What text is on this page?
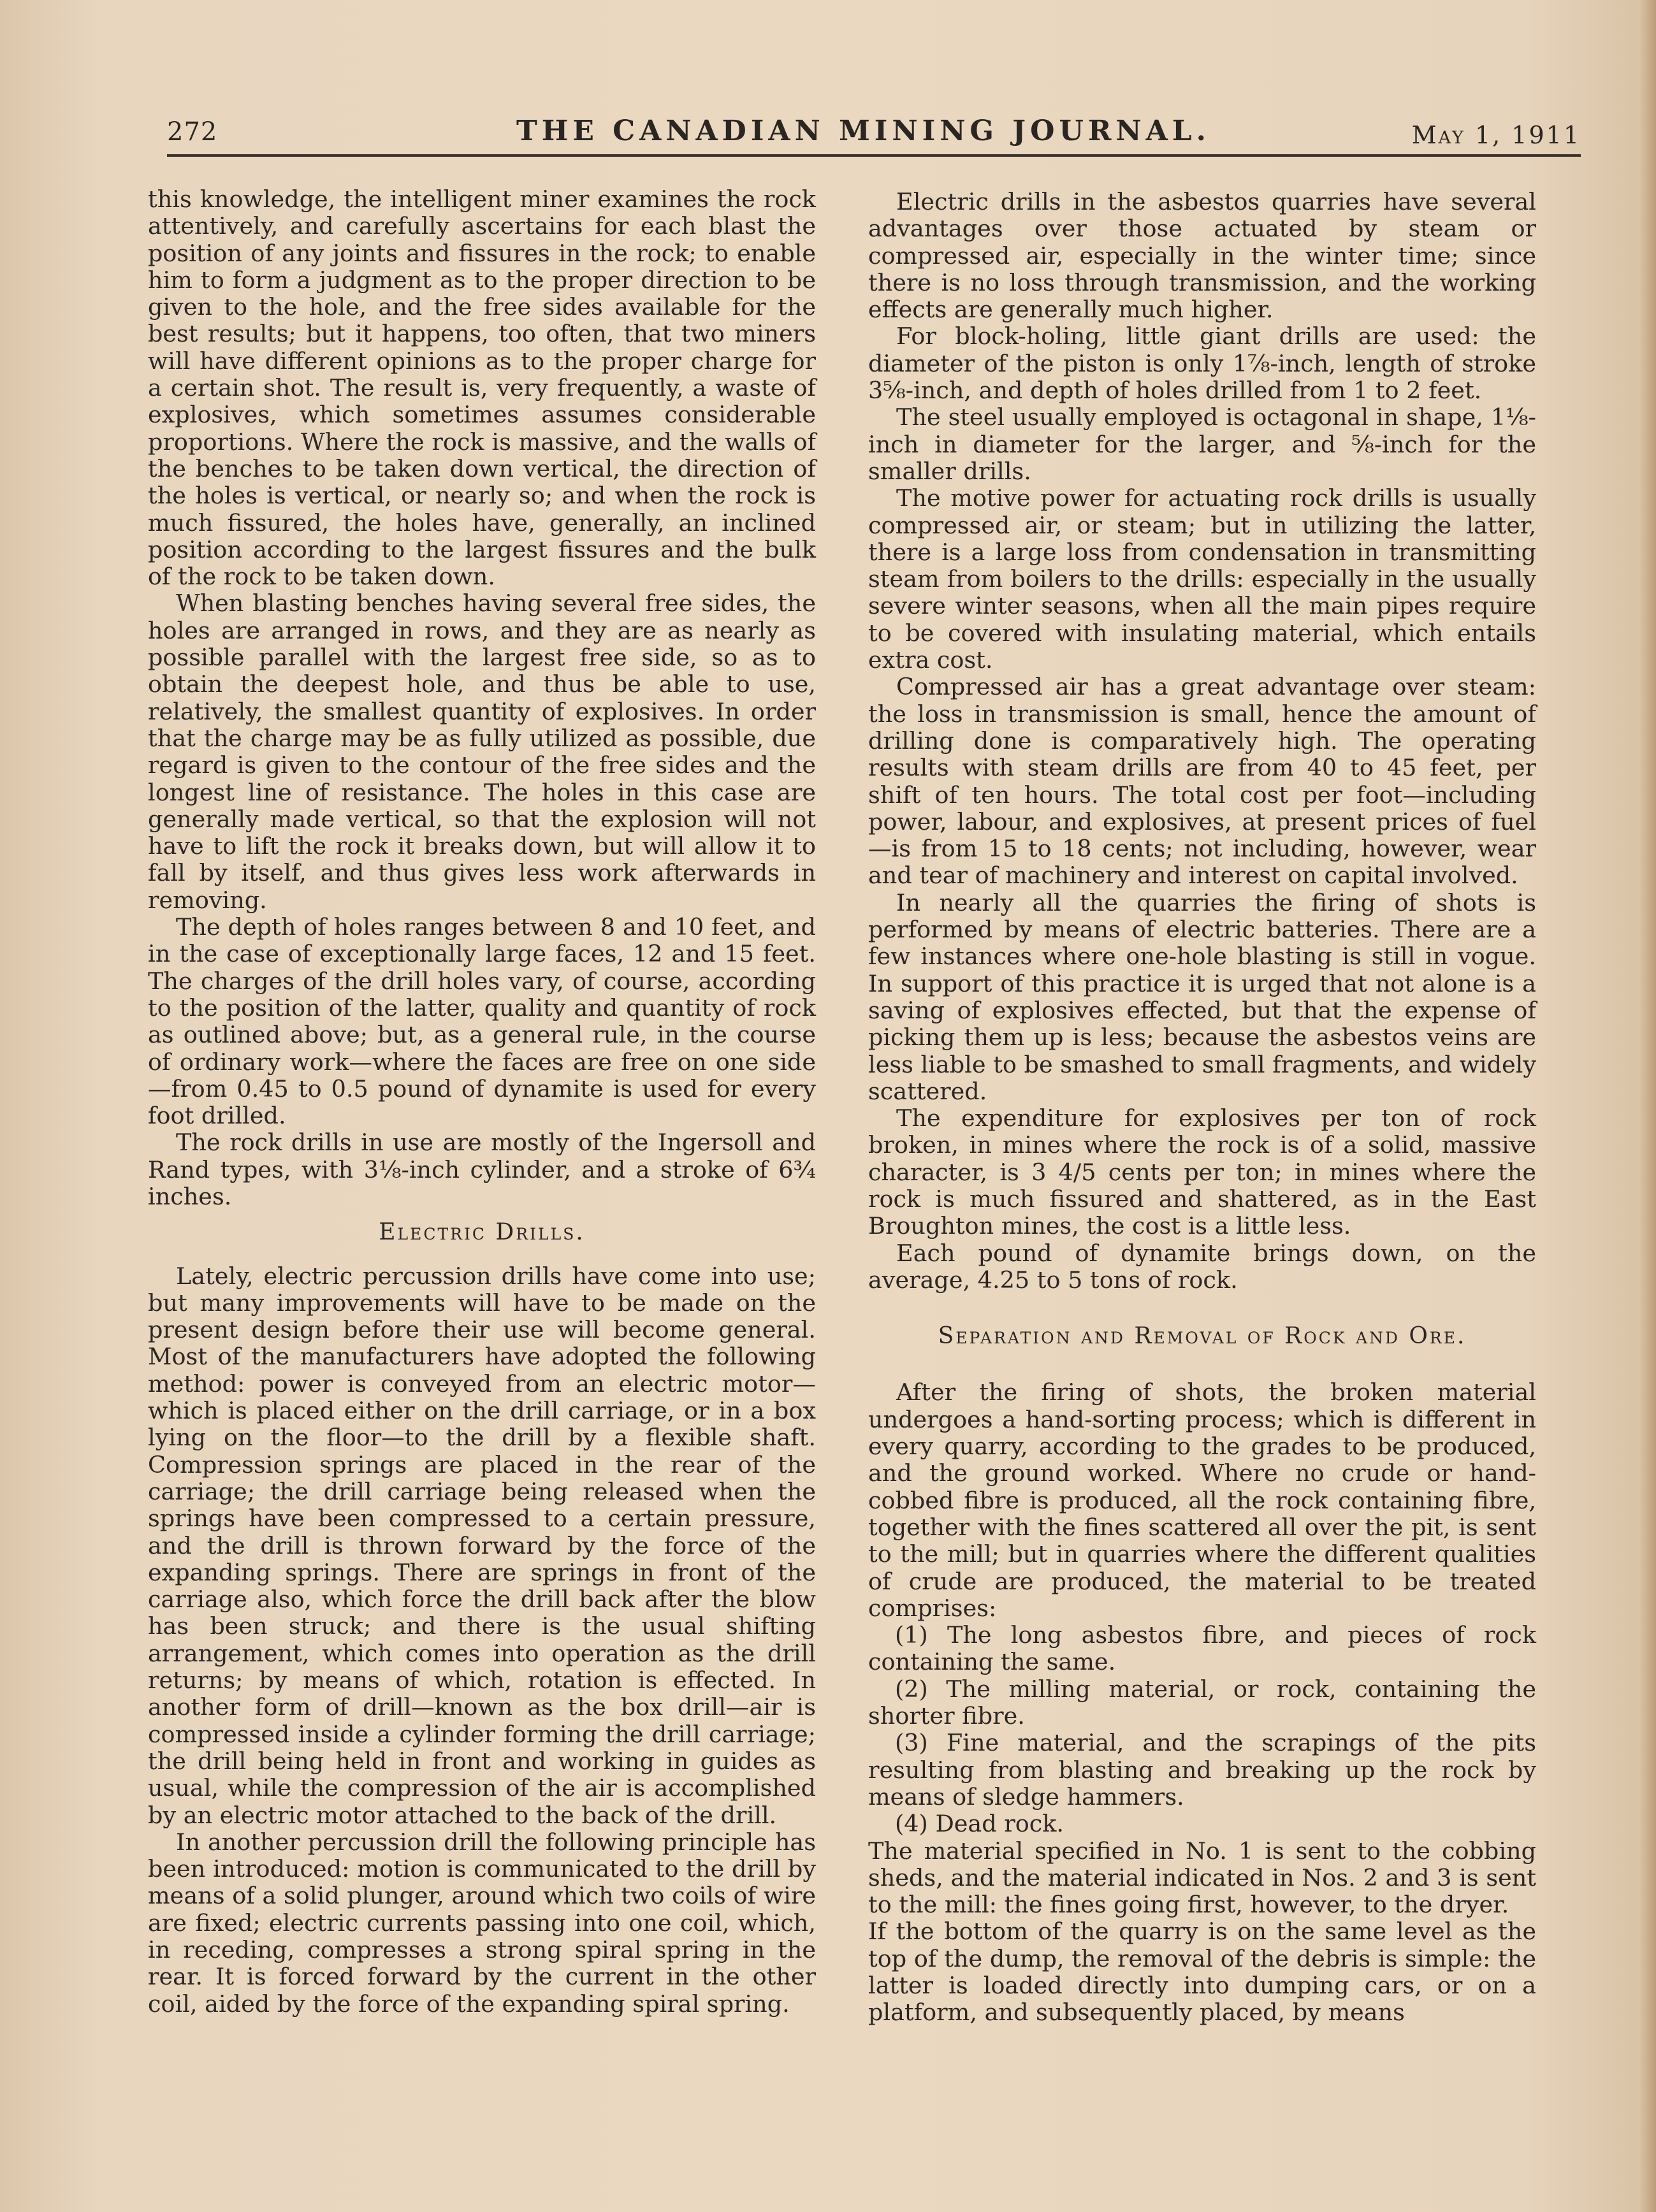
272	THE CANADIAN MINING JOURNAL.	May 1, 1911

this knowledge, the intelligent miner examines the rock attentively, and carefully ascertains for each blast the position of any joints and fissures in the rock; to enable him to form a judgment as to the proper direction to be given to the hole, and the free sides available for the best results; but it happens, too often, that two miners will have different opinions as to the proper charge for a certain shot. The result is, very frequently, a waste of explosives, which sometimes assumes considerable proportions. Where the rock is massive, and the walls of the benches to be taken down vertical, the direction of the holes is vertical, or nearly so; and when the rock is much fissured, the holes have, generally, an inclined position according to the largest fissures and the bulk of the rock to be taken down.

When blasting benches having several free sides, the holes are arranged in rows, and they are as nearly as possible parallel with the largest free side, so as to obtain the deepest hole, and thus be able to use, relatively, the smallest quantity of explosives. In order that the charge may be as fully utilized as possible, due regard is given to the contour of the free sides and the longest line of resistance. The holes in this case are generally made vertical, so that the explosion will not have to lift the rock it breaks down, but will allow it to fall by itself, and thus gives less work afterwards in removing.

The depth of holes ranges between 8 and 10 feet, and in the case of exceptionally large faces, 12 and 15 feet. The charges of the drill holes vary, of course, according to the position of the latter, quality and quantity of rock as outlined above; but, as a general rule, in the course of ordinary work—where the faces are free on one side—from 0.45 to 0.5 pound of dynamite is used for every foot drilled.

The rock drills in use are mostly of the Ingersoll and Rand types, with 3⅛-inch cylinder, and a stroke of 6¾ inches.

Electric Drills.

Lately, electric percussion drills have come into use; but many improvements will have to be made on the present design before their use will become general. Most of the manufacturers have adopted the following method: power is conveyed from an electric motor—which is placed either on the drill carriage, or in a box lying on the floor—to the drill by a flexible shaft. Compression springs are placed in the rear of the carriage; the drill carriage being released when the springs have been compressed to a certain pressure, and the drill is thrown forward by the force of the expanding springs. There are springs in front of the carriage also, which force the drill back after the blow has been struck; and there is the usual shifting arrangement, which comes into operation as the drill returns; by means of which, rotation is effected. In another form of drill—known as the box drill—air is compressed inside a cylinder forming the drill carriage; the drill being held in front and working in guides as usual, while the compression of the air is accomplished by an electric motor attached to the back of the drill.

In another percussion drill the following principle has been introduced: motion is communicated to the drill by means of a solid plunger, around which two coils of wire are fixed; electric currents passing into one coil, which, in receding, compresses a strong spiral spring in the rear. It is forced forward by the current in the other coil, aided by the force of the expanding spiral spring.

Electric drills in the asbestos quarries have several advantages over those actuated by steam or compressed air, especially in the winter time; since there is no loss through transmission, and the working effects are generally much higher.

For block-holing, little giant drills are used: the diameter of the piston is only 1⅞-inch, length of stroke 3⅝-inch, and depth of holes drilled from 1 to 2 feet.

The steel usually employed is octagonal in shape, 1⅛-inch in diameter for the larger, and ⅝-inch for the smaller drills.

The motive power for actuating rock drills is usually compressed air, or steam; but in utilizing the latter, there is a large loss from condensation in transmitting steam from boilers to the drills: especially in the usually severe winter seasons, when all the main pipes require to be covered with insulating material, which entails extra cost.

Compressed air has a great advantage over steam: the loss in transmission is small, hence the amount of drilling done is comparatively high. The operating results with steam drills are from 40 to 45 feet, per shift of ten hours. The total cost per foot—including power, labour, and explosives, at present prices of fuel—is from 15 to 18 cents; not including, however, wear and tear of machinery and interest on capital involved.

In nearly all the quarries the firing of shots is performed by means of electric batteries. There are a few instances where one-hole blasting is still in vogue. In support of this practice it is urged that not alone is a saving of explosives effected, but that the expense of picking them up is less; because the asbestos veins are less liable to be smashed to small fragments, and widely scattered.

The expenditure for explosives per ton of rock broken, in mines where the rock is of a solid, massive character, is 3 4/5 cents per ton; in mines where the rock is much fissured and shattered, as in the East Broughton mines, the cost is a little less.

Each pound of dynamite brings down, on the average, 4.25 to 5 tons of rock.

Separation and Removal of Rock and Ore.

After the firing of shots, the broken material undergoes a hand-sorting process; which is different in every quarry, according to the grades to be produced, and the ground worked. Where no crude or hand-cobbed fibre is produced, all the rock containing fibre, together with the fines scattered all over the pit, is sent to the mill; but in quarries where the different qualities of crude are produced, the material to be treated comprises:

(1) The long asbestos fibre, and pieces of rock containing the same.

(2) The milling material, or rock, containing the shorter fibre.

(3) Fine material, and the scrapings of the pits resulting from blasting and breaking up the rock by means of sledge hammers.

(4) Dead rock.

The material specified in No. 1 is sent to the cobbing sheds, and the material indicated in Nos. 2 and 3 is sent to the mill: the fines going first, however, to the dryer.

If the bottom of the quarry is on the same level as the top of the dump, the removal of the debris is simple: the latter is loaded directly into dumping cars, or on a platform, and subsequently placed, by means
